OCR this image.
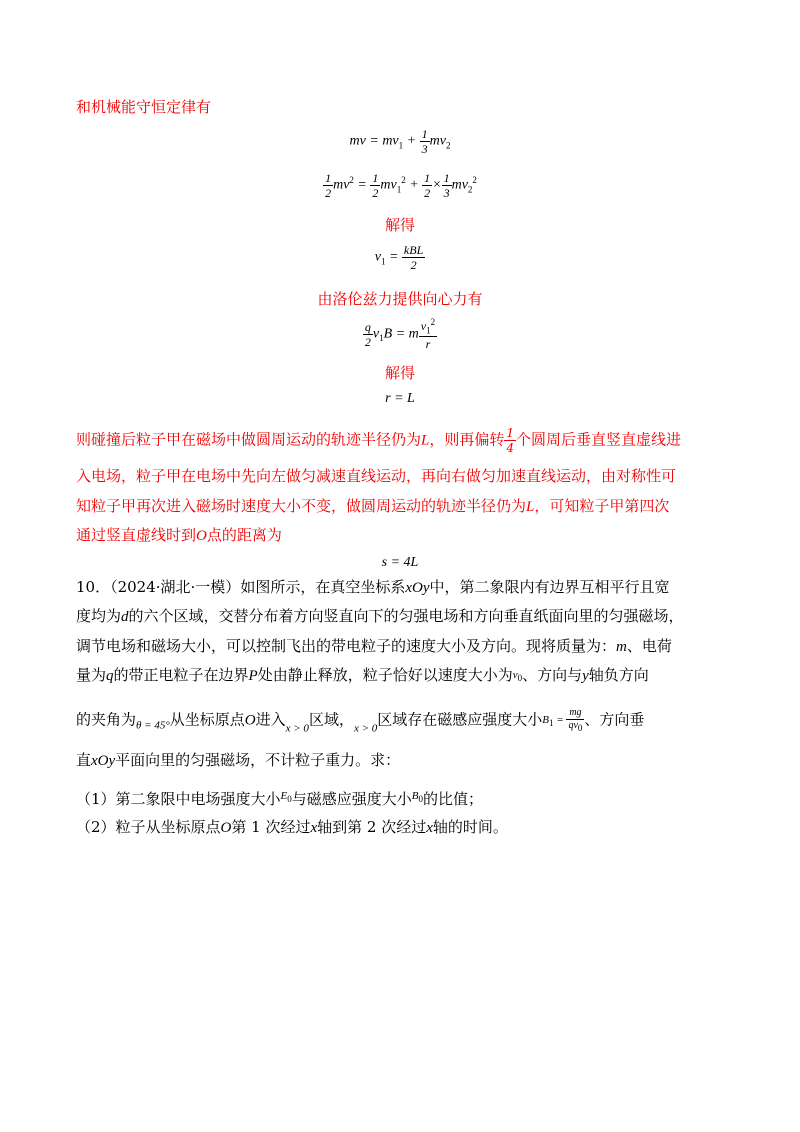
和机械能守恒定律有
mv = $mv_1 + \frac{1}{3} mv_2$
$\frac{1}{2} mv^2 = \frac{1}{2} mv_1^2 + \frac{1}{2} \times \frac{1}{3} mv_2^2$
解得
$v_1 = \frac{\text{kBL}}{2}$
由洛伦兹力提供向心力有
$\frac{q}{2} v_1B = m \frac{v_1^2}{r}$
解得
r = L
则碰撞后粒子甲在磁场中做圆周运动的轨迹半径仍为L，则再偏转 $\frac{1}{4}$ 个圆周后垂直竖直虚线进
入电场，粒子甲在电场中先向左做匀减速直线运动，再向右做匀加速直线运动，由对称性可
知粒子甲再次进入磁场时速度大小不变，做圆周运动的轨迹半径仍为L，可知粒子甲第四次
通过竖直虚线时到O点的距离为
s = 4L
10．（2024·湖北·一模）如图所示，在真空坐标系xOy中，第二象限内有边界互相平行且宽
度均为d的六个区域，交替分布着方向竖直向下的匀强电场和方向垂直纸面向里的匀强磁场，
调节电场和磁场大小，可以控制飞出的带电粒子的速度大小及方向。现将质量为：m、电荷
量为q的带正电粒子在边界P处由静止释放，粒子恰好以速度大小为$v_0$、方向与y轴负方向
的夹角为$_{\theta = 45^\circ}$从坐标原点O进入$_{x > 0}$区域，$_{x > 0}$区域存在磁感应强度大小$B_1 = \frac{mg}{qv_0}$ 、方向垂
直xOy平面向里的匀强磁场，不计粒子重力。求：
（1）第二象限中电场强度大小$^{E_0}$与磁感应强度大小$^{B_0}$的比值；
（2）粒子从坐标原点O第 1 次经过x轴到第 2 次经过x轴的时间。
